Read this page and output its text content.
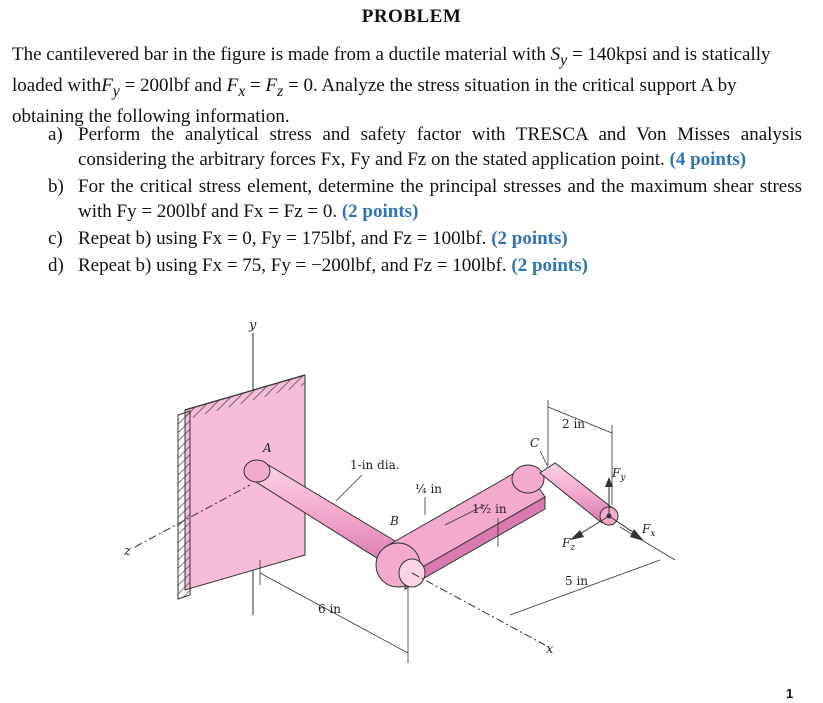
PROBLEM
The cantilevered bar in the figure is made from a ductile material with $S_y$ = 140kpsi and is statically loaded withF$_y$ = 200lbf and $F_x = F_z = 0$. Analyze the stress situation in the critical support A by obtaining the following information.
a) Perform the analytical stress and safety factor with TRESCA and Von Misses analysis considering the arbitrary forces Fx, Fy and Fz on the stated application point. (4 points)
b) For the critical stress element, determine the principal stresses and the maximum shear stress with Fy = 200lbf and Fx = Fz = 0. (2 points)
c) Repeat b) using Fx = 0, Fy = 175lbf, and Fz = 100lbf. (2 points)
d) Repeat b) using Fx = 75, Fy = −200lbf, and Fz = 100lbf. (2 points)
y
z
A
1-in dia.
B
¼ in
1½ in
C
2 in
$F_y$
$F_z$
$F_x$
x
5 in
6 in
1
